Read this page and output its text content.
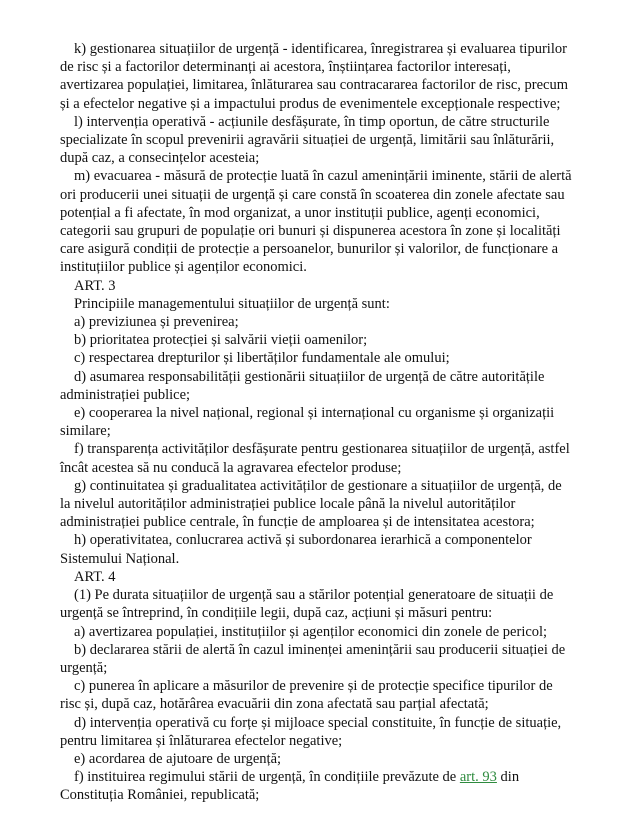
k) gestionarea situațiilor de urgență - identificarea, înregistrarea și evaluarea tipurilor de risc și a factorilor determinanți ai acestora, înștiințarea factorilor interesați, avertizarea populației, limitarea, înlăturarea sau contracararea factorilor de risc, precum și a efectelor negative și a impactului produs de evenimentele excepționale respective;

l) intervenția operativă - acțiunile desfășurate, în timp oportun, de către structurile specializate în scopul prevenirii agravării situației de urgență, limitării sau înlăturării, după caz, a consecințelor acesteia;

m) evacuarea - măsură de protecție luată în cazul amenințării iminente, stării de alertă ori producerii unei situații de urgență și care constă în scoaterea din zonele afectate sau potențial a fi afectate, în mod organizat, a unor instituții publice, agenți economici, categorii sau grupuri de populație ori bunuri și dispunerea acestora în zone și localități care asigură condiții de protecție a persoanelor, bunurilor și valorilor, de funcționare a instituțiilor publice și agenților economici.

ART. 3

Principiile managementului situațiilor de urgență sunt:

a) previziunea și prevenirea;

b) prioritatea protecției și salvării vieții oamenilor;

c) respectarea drepturilor și libertăților fundamentale ale omului;

d) asumarea responsabilității gestionării situațiilor de urgență de către autoritățile administrației publice;

e) cooperarea la nivel național, regional și internațional cu organisme și organizații similare;

f) transparența activităților desfășurate pentru gestionarea situațiilor de urgență, astfel încât acestea să nu conducă la agravarea efectelor produse;

g) continuitatea și gradualitatea activităților de gestionare a situațiilor de urgență, de la nivelul autorităților administrației publice locale până la nivelul autorităților administrației publice centrale, în funcție de amploarea și de intensitatea acestora;

h) operativitatea, conlucrarea activă și subordonarea ierarhică a componentelor Sistemului Național.

ART. 4

(1) Pe durata situațiilor de urgență sau a stărilor potențial generatoare de situații de urgență se întreprind, în condițiile legii, după caz, acțiuni și măsuri pentru:

a) avertizarea populației, instituțiilor și agenților economici din zonele de pericol;

b) declararea stării de alertă în cazul iminenței amenințării sau producerii situației de urgență;

c) punerea în aplicare a măsurilor de prevenire și de protecție specifice tipurilor de risc și, după caz, hotărârea evacuării din zona afectată sau parțial afectată;

d) intervenția operativă cu forțe și mijloace special constituite, în funcție de situație, pentru limitarea și înlăturarea efectelor negative;

e) acordarea de ajutoare de urgență;

f) instituirea regimului stării de urgență, în condițiile prevăzute de art. 93 din Constituția României, republicată;
